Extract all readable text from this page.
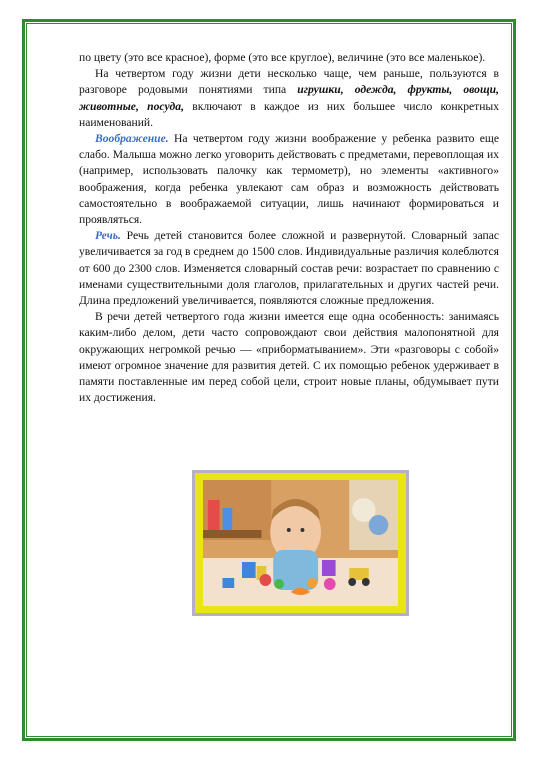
по цвету (это все красное), форме (это все круглое), величине (это все маленькое).

На четвертом году жизни дети несколько чаще, чем раньше, пользуются в разговоре родовыми понятиями типа игрушки, одежда, фрукты, овощи, животные, посуда, включают в каждое из них большее число конкретных наименований.

Воображение. На четвертом году жизни воображение у ребенка развито еще слабо. Малыша можно легко уговорить действовать с предметами, перевоплощая их (например, использовать палочку как термометр), но элементы «активного» воображения, когда ребенка увлекают сам образ и возможность действовать самостоятельно в воображаемой ситуации, лишь начинают формироваться и проявляться.

Речь. Речь детей становится более сложной и развернутой. Словарный запас увеличивается за год в среднем до 1500 слов. Индивидуальные различия колеблются от 600 до 2300 слов. Изменяется словарный состав речи: возрастает по сравнению с именами существительными доля глаголов, прилагательных и других частей речи. Длина предложений увеличивается, появляются сложные предложения.

В речи детей четвертого года жизни имеется еще одна особенность: занимаясь каким-либо делом, дети часто сопровождают свои действия малопонятной для окружающих негромкой речью — «приборматыванием». Эти «разговоры с собой» имеют огромное значение для развития детей. С их помощью ребенок удерживает в памяти поставленные им перед собой цели, строит новые планы, обдумывает пути их достижения.
